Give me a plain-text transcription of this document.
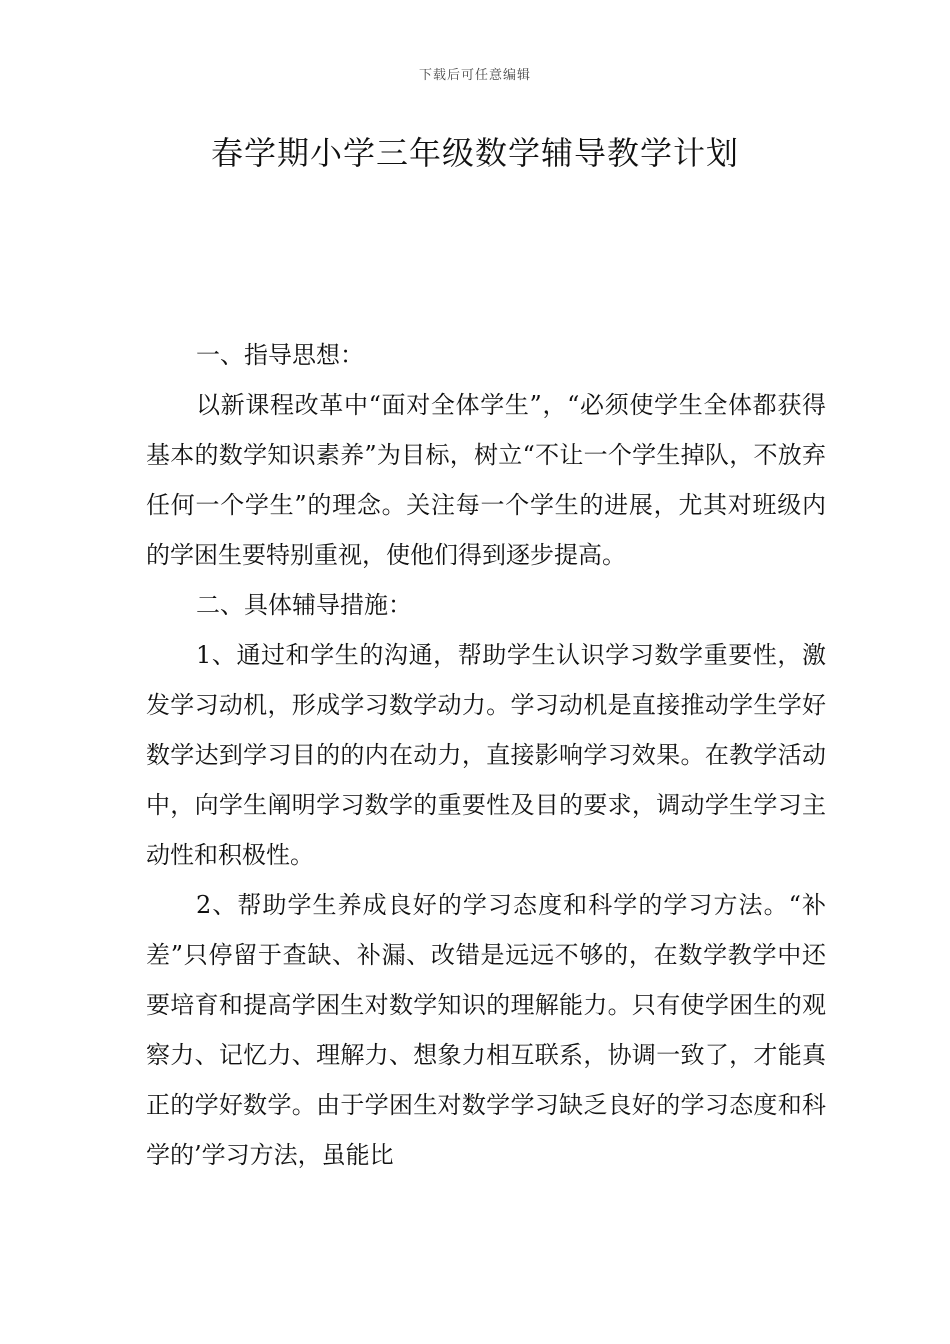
下载后可任意编辑
春学期小学三年级数学辅导教学计划

一、指导思想：

以新课程改革中“面对全体学生”，“必须使学生全体都获得基本的数学知识素养”为目标，树立“不让一个学生掉队，不放弃任何一个学生”的理念。关注每一个学生的进展，尤其对班级内的学困生要特别重视，使他们得到逐步提高。

二、具体辅导措施：

1、通过和学生的沟通，帮助学生认识学习数学重要性，激发学习动机，形成学习数学动力。学习动机是直接推动学生学好数学达到学习目的的内在动力，直接影响学习效果。在教学活动中，向学生阐明学习数学的重要性及目的要求，调动学生学习主动性和积极性。

2、帮助学生养成良好的学习态度和科学的学习方法。“补差”只停留于查缺、补漏、改错是远远不够的，在数学教学中还要培育和提高学困生对数学知识的理解能力。只有使学困生的观察力、记忆力、理解力、想象力相互联系，协调一致了，才能真正的学好数学。由于学困生对数学学习缺乏良好的学习态度和科学的’学习方法，虽能比
